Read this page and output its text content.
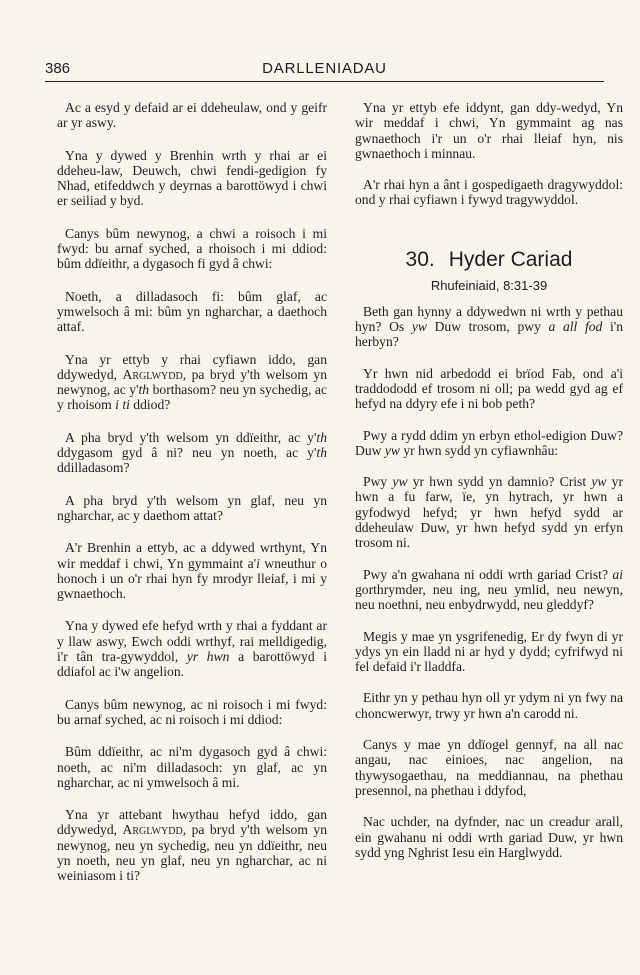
386	DARLLENIADAU

Ac a esyd y defaid ar ei ddeheulaw, ond y geifr ar yr aswy.

Yna y dywed y Brenhin wrth y rhai ar ei ddeheu-law, Deuwch, chwi fendi-gedigion fy Nhad, etifeddwch y deyrnas a barottöwyd i chwi er seiliad y byd.

Canys bûm newynog, a chwi a roisoch i mi fwyd: bu arnaf syched, a rhoisoch i mi ddiod: bûm ddïeithr, a dygasoch fi gyd â chwi:

Noeth, a dilladasoch fi: bûm glaf, ac ymwelsoch â mi: bûm yn ngharchar, a daethoch attaf.

Yna yr ettyb y rhai cyfiawn iddo, gan ddywedyd, Arglwydd, pa bryd y'th welsom yn newynog, ac y'th borthasom? neu yn sychedig, ac y rhoisom i ti ddiod?

A pha bryd y'th welsom yn ddïeithr, ac y'th ddygasom gyd â ni? neu yn noeth, ac y'th ddilladasom?

A pha bryd y'th welsom yn glaf, neu yn ngharchar, ac y daethom attat?

A'r Brenhin a ettyb, ac a ddywed wrthynt, Yn wir meddaf i chwi, Yn gymmaint a'i wneuthur o honoch i un o'r rhai hyn fy mrodyr lleiaf, i mi y gwnaethoch.

Yna y dywed efe hefyd wrth y rhai a fyddant ar y llaw aswy, Ewch oddi wrthyf, rai melldigedig, i'r tân tra-gywyddol, yr hwn a barottöwyd i ddiafol ac i'w angelion.

Canys bûm newynog, ac ni roisoch i mi fwyd: bu arnaf syched, ac ni roisoch i mi ddiod:

Bûm ddïeithr, ac ni'm dygasoch gyd â chwi: noeth, ac ni'm dilladasoch: yn glaf, ac yn ngharchar, ac ni ymwelsoch â mi.

Yna yr attebant hwythau hefyd iddo, gan ddywedyd, Arglwydd, pa bryd y'th welsom yn newynog, neu yn sychedig, neu yn ddïeithr, neu yn noeth, neu yn glaf, neu yn ngharchar, ac ni weiniasom i ti?

Yna yr ettyb efe iddynt, gan ddy-wedyd, Yn wir meddaf i chwi, Yn gymmaint ag nas gwnaethoch i'r un o'r rhai lleiaf hyn, nis gwnaethoch i minnau.

A'r rhai hyn a ânt i gospedigaeth dragywyddol: ond y rhai cyfiawn i fywyd tragywyddol.

30. Hyder Cariad
Rhufeiniaid, 8:31-39

Beth gan hynny a ddywedwn ni wrth y pethau hyn? Os yw Duw trosom, pwy a all fod i'n herbyn?

Yr hwn nid arbedodd ei brïod Fab, ond a'i traddododd ef trosom ni oll; pa wedd gyd ag ef hefyd na ddyry efe i ni bob peth?

Pwy a rydd ddim yn erbyn ethol-edigion Duw? Duw yw yr hwn sydd yn cyfiawnhâu:

Pwy yw yr hwn sydd yn damnio? Crist yw yr hwn a fu farw, ïe, yn hytrach, yr hwn a gyfodwyd hefyd; yr hwn hefyd sydd ar ddeheulaw Duw, yr hwn hefyd sydd yn erfyn trosom ni.

Pwy a'n gwahana ni oddi wrth gariad Crist? ai gorthrymder, neu ing, neu ymlid, neu newyn, neu noethni, neu enbydrwydd, neu gleddyf?

Megis y mae yn ysgrifenedig, Er dy fwyn di yr ydys yn ein lladd ni ar hyd y dydd; cyfrifwyd ni fel defaid i'r lladdfa.

Eithr yn y pethau hyn oll yr ydym ni yn fwy na choncwerwyr, trwy yr hwn a'n carodd ni.

Canys y mae yn ddïogel gennyf, na all nac angau, nac einioes, nac angelion, na thywysogaethau, na meddiannau, na phethau presennol, na phethau i ddyfod,

Nac uchder, na dyfnder, nac un creadur arall, ein gwahanu ni oddi wrth gariad Duw, yr hwn sydd yng Nghrist Iesu ein Harglwydd.
